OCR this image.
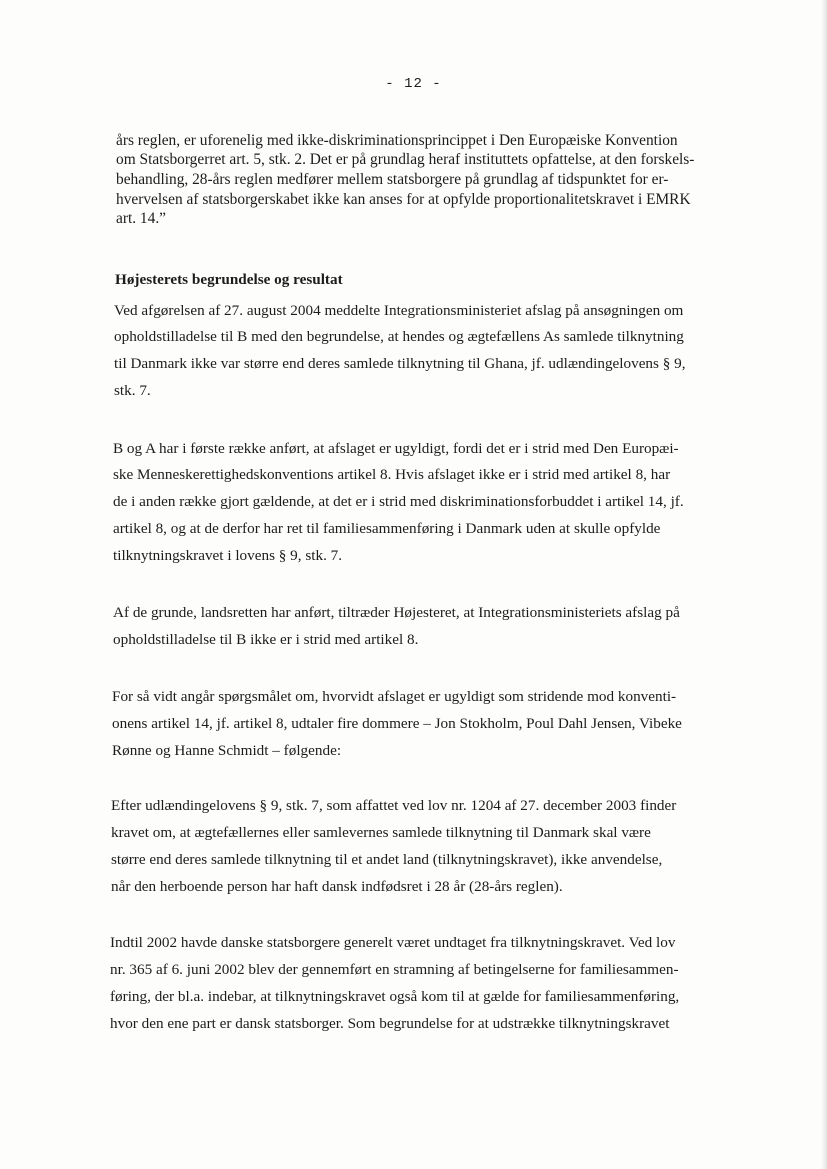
- 12 -
års reglen, er uforenelig med ikke-diskriminationsprincippet i Den Europæiske Konvention
om Statsborgerret art. 5, stk. 2. Det er på grundlag heraf instituttets opfattelse, at den forskels-
behandling, 28-års reglen medfører mellem statsborgere på grundlag af tidspunktet for er-
hvervelsen af statsborgerskabet ikke kan anses for at opfylde proportionalitetskravet i EMRK
art. 14.”
Højesterets begrundelse og resultat
Ved afgørelsen af 27. august 2004 meddelte Integrationsministeriet afslag på ansøgningen om
opholdstilladelse til B med den begrundelse, at hendes og ægtefællens As samlede tilknytning
til Danmark ikke var større end deres samlede tilknytning til Ghana, jf. udlændingelovens § 9,
stk. 7.
B og A har i første række anført, at afslaget er ugyldigt, fordi det er i strid med Den Europæi-
ske Menneskerettighedskonventions artikel 8. Hvis afslaget ikke er i strid med artikel 8, har
de i anden række gjort gældende, at det er i strid med diskriminationsforbuddet i artikel 14, jf.
artikel 8, og at de derfor har ret til familiesammenføring i Danmark uden at skulle opfylde
tilknytningskravet i lovens § 9, stk. 7.
Af de grunde, landsretten har anført, tiltræder Højesteret, at Integrationsministeriets afslag på
opholdstilladelse til B ikke er i strid med artikel 8.
For så vidt angår spørgsmålet om, hvorvidt afslaget er ugyldigt som stridende mod konventi-
onens artikel 14, jf. artikel 8, udtaler fire dommere – Jon Stokholm, Poul Dahl Jensen, Vibeke
Rønne og Hanne Schmidt – følgende:
Efter udlændingelovens § 9, stk. 7, som affattet ved lov nr. 1204 af 27. december 2003 finder
kravet om, at ægtefællernes eller samlevernes samlede tilknytning til Danmark skal være
større end deres samlede tilknytning til et andet land (tilknytningskravet), ikke anvendelse,
når den herboende person har haft dansk indfødsret i 28 år (28-års reglen).
Indtil 2002 havde danske statsborgere generelt været undtaget fra tilknytningskravet. Ved lov
nr. 365 af 6. juni 2002 blev der gennemført en stramning af betingelserne for familiesammen-
føring, der bl.a. indebar, at tilknytningskravet også kom til at gælde for familiesammenføring,
hvor den ene part er dansk statsborger. Som begrundelse for at udstrække tilknytningskravet
